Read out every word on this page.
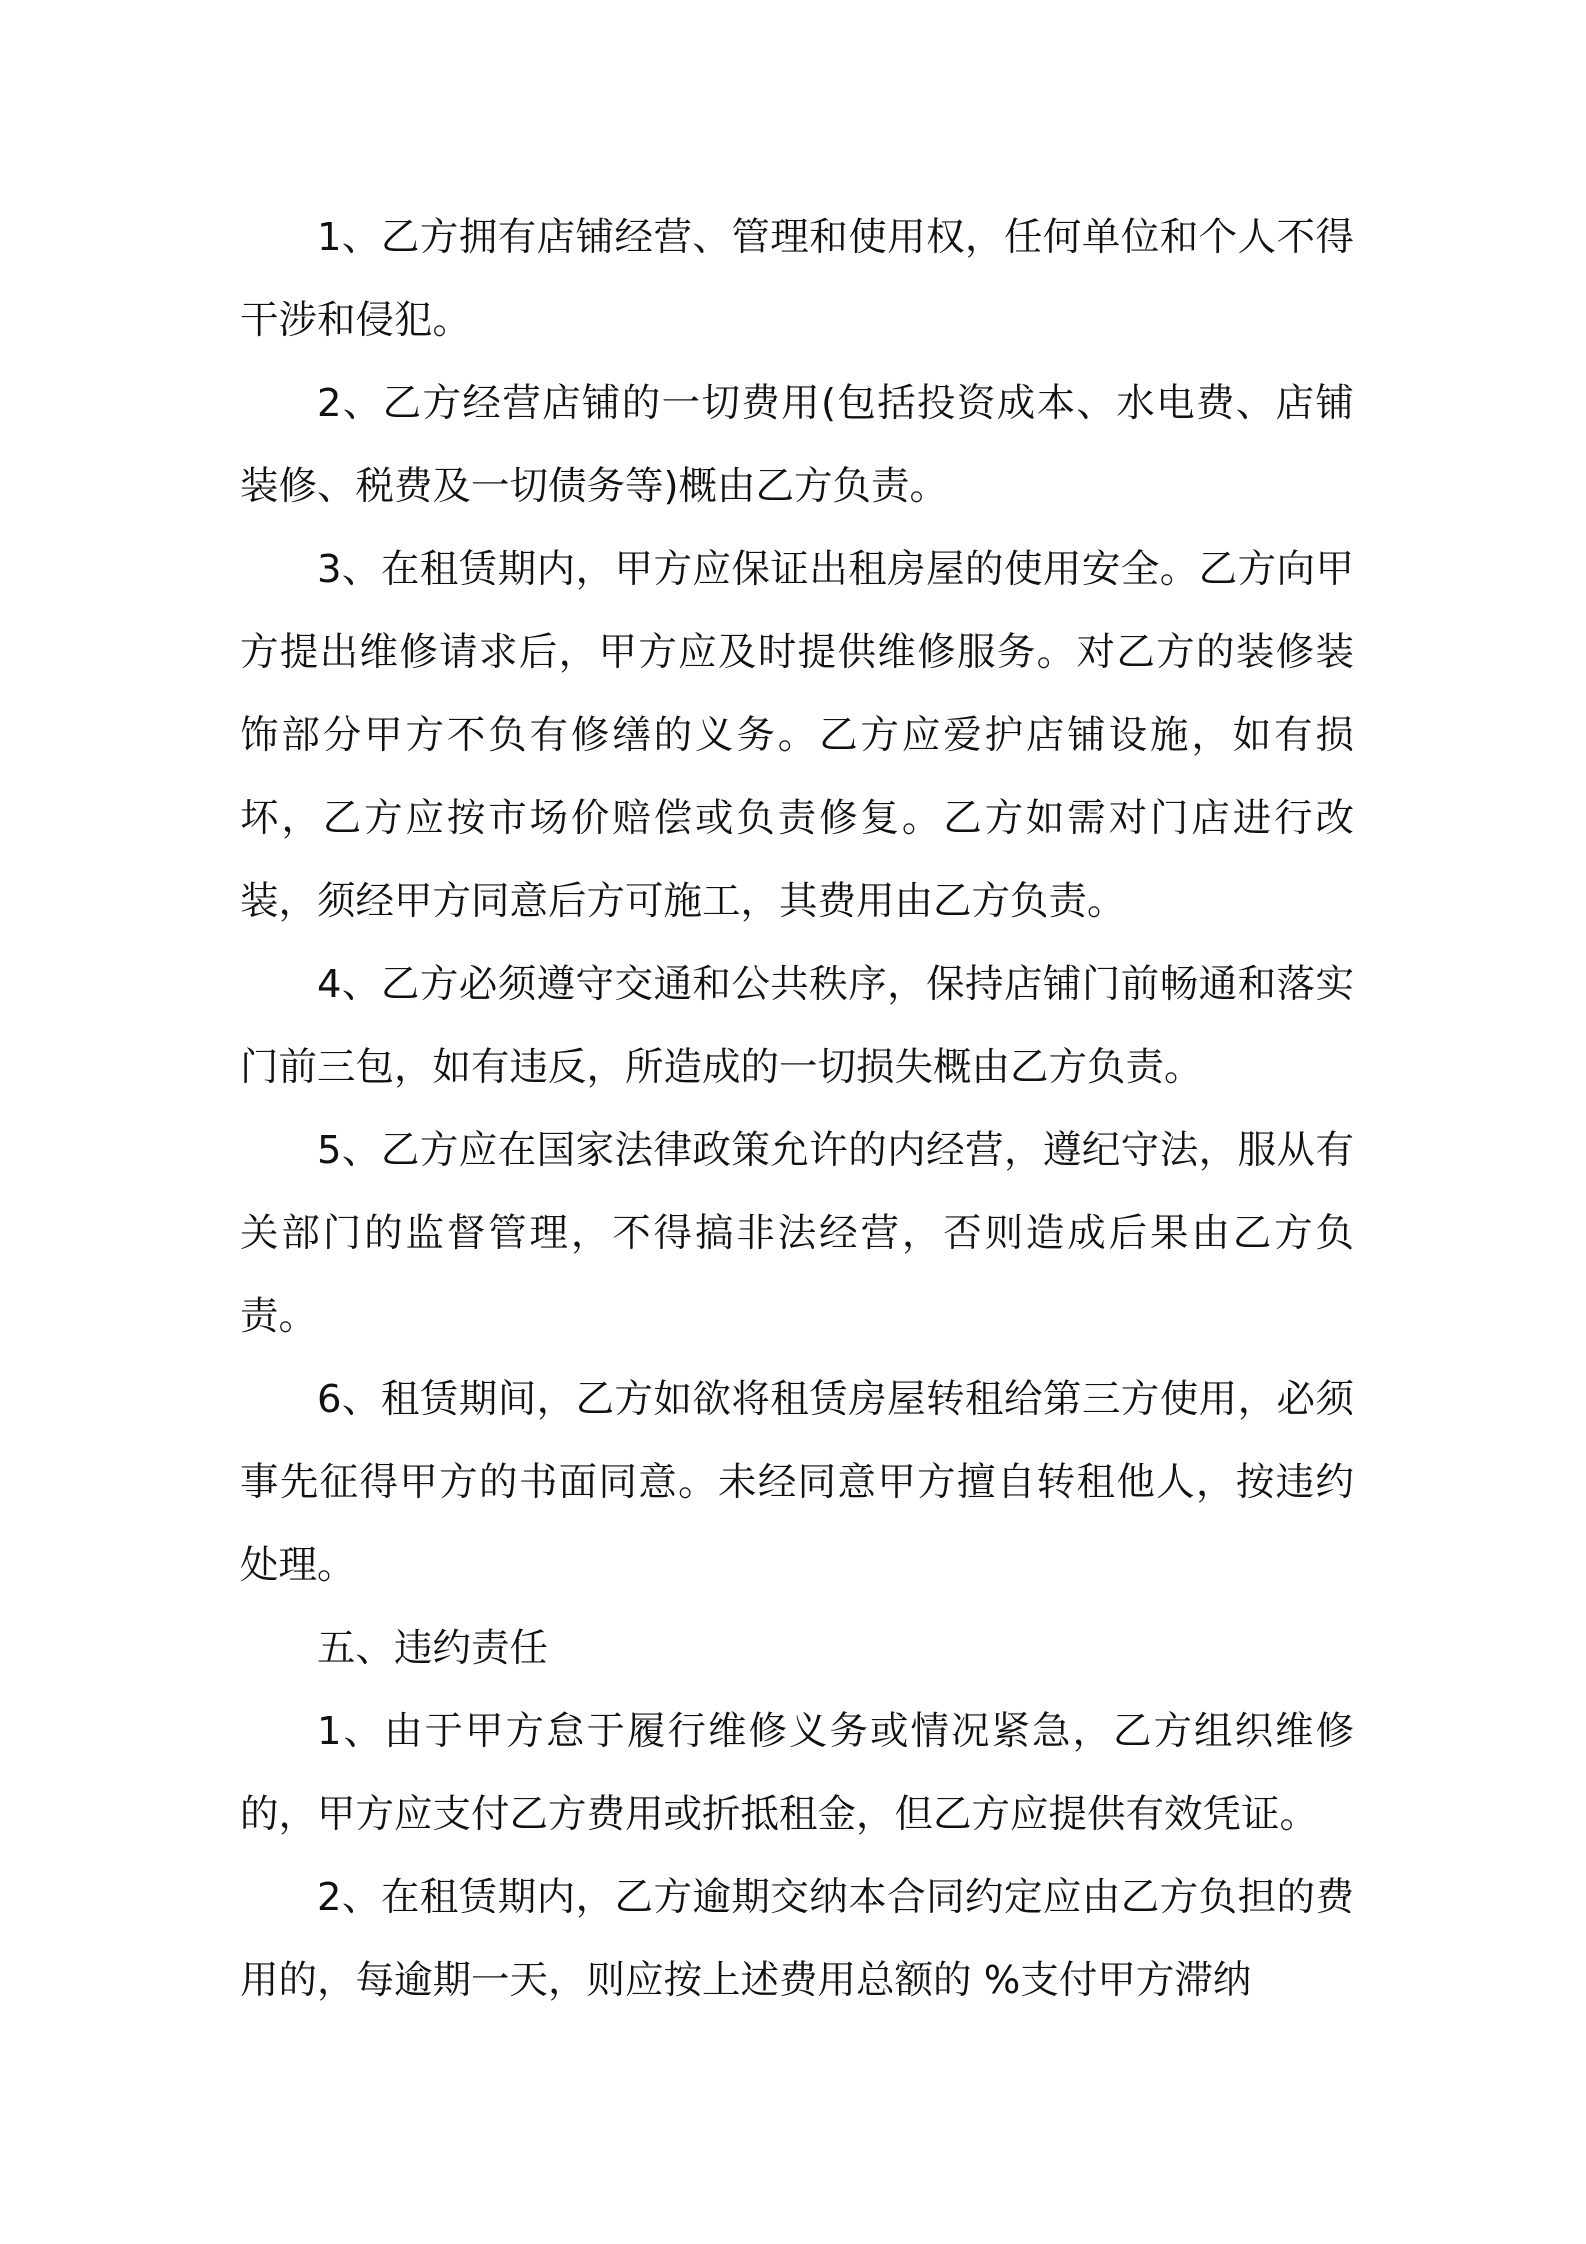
1、乙方拥有店铺经营、管理和使用权，任何单位和个人不得干涉和侵犯。

2、乙方经营店铺的一切费用(包括投资成本、水电费、店铺装修、税费及一切债务等)概由乙方负责。

3、在租赁期内，甲方应保证出租房屋的使用安全。乙方向甲方提出维修请求后，甲方应及时提供维修服务。对乙方的装修装饰部分甲方不负有修缮的义务。乙方应爱护店铺设施，如有损坏，乙方应按市场价赔偿或负责修复。乙方如需对门店进行改装，须经甲方同意后方可施工，其费用由乙方负责。

4、乙方必须遵守交通和公共秩序，保持店铺门前畅通和落实门前三包，如有违反，所造成的一切损失概由乙方负责。

5、乙方应在国家法律政策允许的内经营，遵纪守法，服从有关部门的监督管理，不得搞非法经营，否则造成后果由乙方负责。

6、租赁期间，乙方如欲将租赁房屋转租给第三方使用，必须事先征得甲方的书面同意。未经同意甲方擅自转租他人，按违约处理。

五、违约责任

1、由于甲方怠于履行维修义务或情况紧急，乙方组织维修的，甲方应支付乙方费用或折抵租金，但乙方应提供有效凭证。

2、在租赁期内，乙方逾期交纳本合同约定应由乙方负担的费用的，每逾期一天，则应按上述费用总额的 %支付甲方滞纳
